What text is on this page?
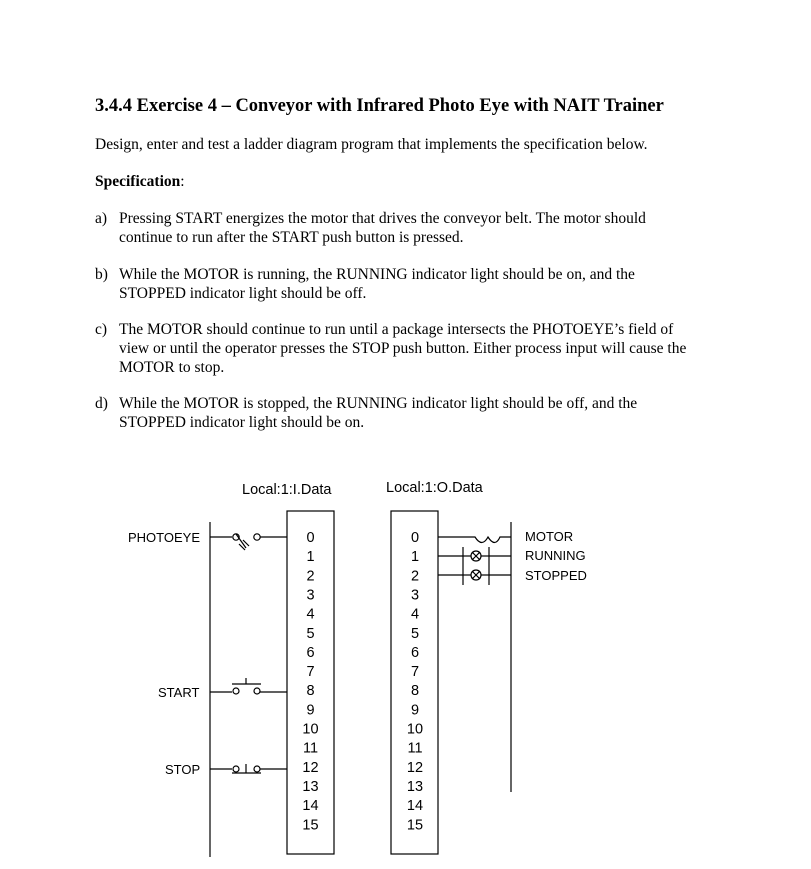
3.4.4 Exercise 4 – Conveyor with Infrared Photo Eye with NAIT Trainer
Design, enter and test a ladder diagram program that implements the specification below.
Specification:
a) Pressing START energizes the motor that drives the conveyor belt. The motor should
continue to run after the START push button is pressed.
b) While the MOTOR is running, the RUNNING indicator light should be on, and the
STOPPED indicator light should be off.
c) The MOTOR should continue to run until a package intersects the PHOTOEYE’s field of
view or until the operator presses the STOP push button. Either process input will cause the
MOTOR to stop.
d) While the MOTOR is stopped, the RUNNING indicator light should be off, and the
STOPPED indicator light should be on.
Local:1:I.Data	Local:1:O.Data
0
1
2
3
4
5
6
7
8
9
10
11
12
13
14
15
0
1
2
3
4
5
6
7
8
9
10
11
12
13
14
15
PHOTOEYE
START
STOP
MOTOR
RUNNING
STOPPED
